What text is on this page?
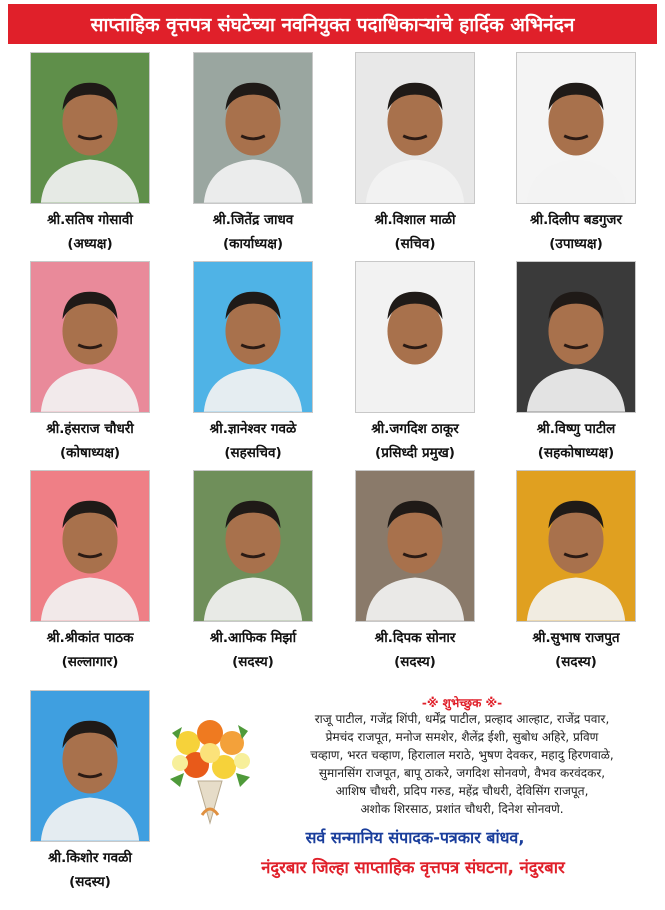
साप्ताहिक वृत्तपत्र संघटेच्या नवनियुक्त पदाधिकाऱ्यांचे हार्दिक अभिनंदन
श्री.सतिष गोसावी
(अध्यक्ष)
श्री.जितेंद्र जाधव
(कार्याध्यक्ष)
श्री.विशाल माळी
(सचिव)
श्री.दिलीप बडगुजर
(उपाध्यक्ष)
श्री.हंसराज चौधरी
(कोषाध्यक्ष)
श्री.ज्ञानेश्वर गवळे
(सहसचिव)
श्री.जगदिश ठाकूर
(प्रसिध्दी प्रमुख)
श्री.विष्णु पाटील
(सहकोषाध्यक्ष)
श्री.श्रीकांत पाठक
(सल्लागार)
श्री.आफिक मिर्झा
(सदस्य)
श्री.दिपक सोनार
(सदस्य)
श्री.सुभाष राजपुत
(सदस्य)
श्री.किशोर गवळी
(सदस्य)
-※ शुभेच्छुक ※-
राजू पाटील, गजेंद्र शिंपी, धर्मेंद्र पाटील, प्रल्हाद आल्हाट, राजेंद्र पवार,
प्रेमचंद राजपूत, मनोज समशेर, शैलेंद्र ईशी, सुबोध अहिरे, प्रविण
चव्हाण, भरत चव्हाण, हिरालाल मराठे, भुषण देवकर, महादु हिरणवाळे,
सुमानसिंग राजपूत, बापू ठाकरे, जगदिश सोनवणे, वैभव करवंदकर,
आशिष चौधरी, प्रदिप गरुड, महेंद्र चौधरी, देविसिंग राजपूत,
अशोक शिरसाठ, प्रशांत चौधरी, दिनेश सोनवणे.
सर्व सन्मानिय संपादक-पत्रकार बांधव,
नंदुरबार जिल्हा साप्ताहिक वृत्तपत्र संघटना, नंदुरबार
